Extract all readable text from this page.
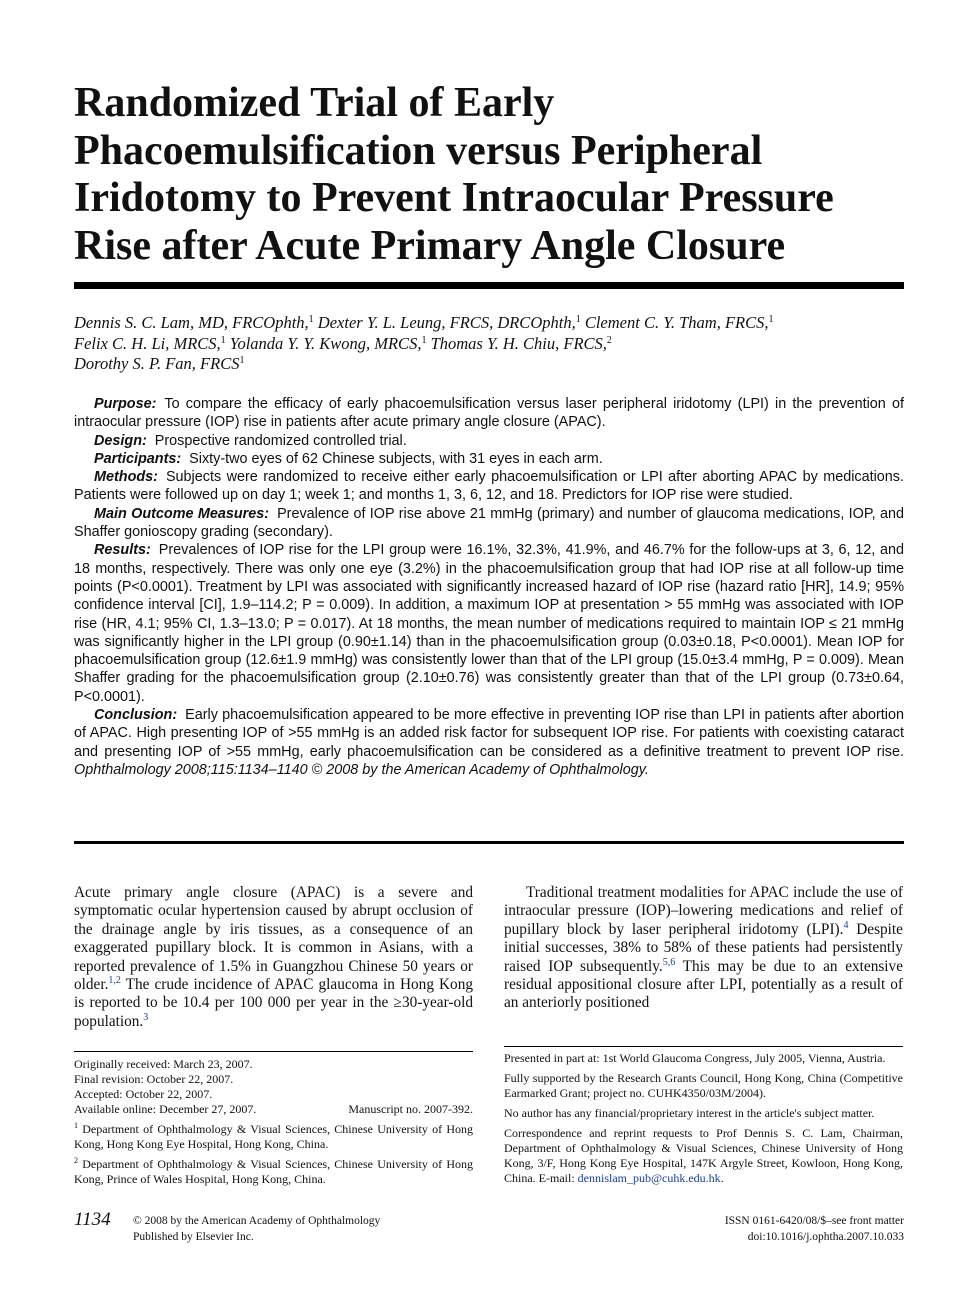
Randomized Trial of Early
Phacoemulsification versus Peripheral
Iridotomy to Prevent Intraocular Pressure
Rise after Acute Primary Angle Closure
Dennis S. C. Lam, MD, FRCOphth,$^1$ Dexter Y. L. Leung, FRCS, DRCOphth,$^1$ Clement C. Y. Tham, FRCS,$^1$
Felix C. H. Li, MRCS,$^1$ Yolanda Y. Y. Kwong, MRCS,$^1$ Thomas Y. H. Chiu, FRCS,$^2$
Dorothy S. P. Fan, FRCS$^1$

Purpose: To compare the efficacy of early phacoemulsification versus laser peripheral iridotomy (LPI) in the prevention of intraocular pressure (IOP) rise in patients after acute primary angle closure (APAC).

Design: Prospective randomized controlled trial.

Participants: Sixty-two eyes of 62 Chinese subjects, with 31 eyes in each arm.

Methods: Subjects were randomized to receive either early phacoemulsification or LPI after aborting APAC by medications. Patients were followed up on day 1; week 1; and months 1, 3, 6, 12, and 18. Predictors for IOP rise were studied.

Main Outcome Measures: Prevalence of IOP rise above 21 mmHg (primary) and number of glaucoma medications, IOP, and Shaffer gonioscopy grading (secondary).

Results: Prevalences of IOP rise for the LPI group were 16.1%, 32.3%, 41.9%, and 46.7% for the follow-ups at 3, 6, 12, and 18 months, respectively. There was only one eye (3.2%) in the phacoemulsification group that had IOP rise at all follow-up time points (P<0.0001). Treatment by LPI was associated with significantly increased hazard of IOP rise (hazard ratio [HR], 14.9; 95% confidence interval [CI], 1.9–114.2; P = 0.009). In addition, a maximum IOP at presentation > 55 mmHg was associated with IOP rise (HR, 4.1; 95% CI, 1.3–13.0; P = 0.017). At 18 months, the mean number of medications required to maintain IOP ≤ 21 mmHg was significantly higher in the LPI group (0.90±1.14) than in the phacoemulsification group (0.03±0.18, P<0.0001). Mean IOP for phacoemulsification group (12.6±1.9 mmHg) was consistently lower than that of the LPI group (15.0±3.4 mmHg, P = 0.009). Mean Shaffer grading for the phacoemulsification group (2.10±0.76) was consistently greater than that of the LPI group (0.73±0.64, P<0.0001).

Conclusion: Early phacoemulsification appeared to be more effective in preventing IOP rise than LPI in patients after abortion of APAC. High presenting IOP of >55 mmHg is an added risk factor for subsequent IOP rise. For patients with coexisting cataract and presenting IOP of >55 mmHg, early phacoemulsification can be considered as a definitive treatment to prevent IOP rise. Ophthalmology 2008;115:1134–1140 © 2008 by the American Academy of Ophthalmology.

Acute primary angle closure (APAC) is a severe and symptomatic ocular hypertension caused by abrupt occlusion of the drainage angle by iris tissues, as a consequence of an exaggerated pupillary block. It is common in Asians, with a reported prevalence of 1.5% in Guangzhou Chinese 50 years or older.$^{1,2}$ The crude incidence of APAC glaucoma in Hong Kong is reported to be 10.4 per 100 000 per year in the ≥30-year-old population.$^3$

Traditional treatment modalities for APAC include the use of intraocular pressure (IOP)–lowering medications and relief of pupillary block by laser peripheral iridotomy (LPI).$^4$ Despite initial successes, 38% to 58% of these patients had persistently raised IOP subsequently.$^{5,6}$ This may be due to an extensive residual appositional closure after LPI, potentially as a result of an anteriorly positioned

Originally received: March 23, 2007.
Final revision: October 22, 2007.
Accepted: October 22, 2007.
Available online: December 27, 2007.	Manuscript no. 2007-392.

$^1$ Department of Ophthalmology & Visual Sciences, Chinese University of Hong Kong, Hong Kong Eye Hospital, Hong Kong, China.

$^2$ Department of Ophthalmology & Visual Sciences, Chinese University of Hong Kong, Prince of Wales Hospital, Hong Kong, China.

Presented in part at: 1st World Glaucoma Congress, July 2005, Vienna, Austria.

Fully supported by the Research Grants Council, Hong Kong, China (Competitive Earmarked Grant; project no. CUHK4350/03M/2004).

No author has any financial/proprietary interest in the article's subject matter.

Correspondence and reprint requests to Prof Dennis S. C. Lam, Chairman, Department of Ophthalmology & Visual Sciences, Chinese University of Hong Kong, 3/F, Hong Kong Eye Hospital, 147K Argyle Street, Kowloon, Hong Kong, China. E-mail: dennislam_pub@cuhk.edu.hk.

1134 © 2008 by the American Academy of Ophthalmology
Published by Elsevier Inc.
ISSN 0161-6420/08/$–see front matter
doi:10.1016/j.ophtha.2007.10.033
